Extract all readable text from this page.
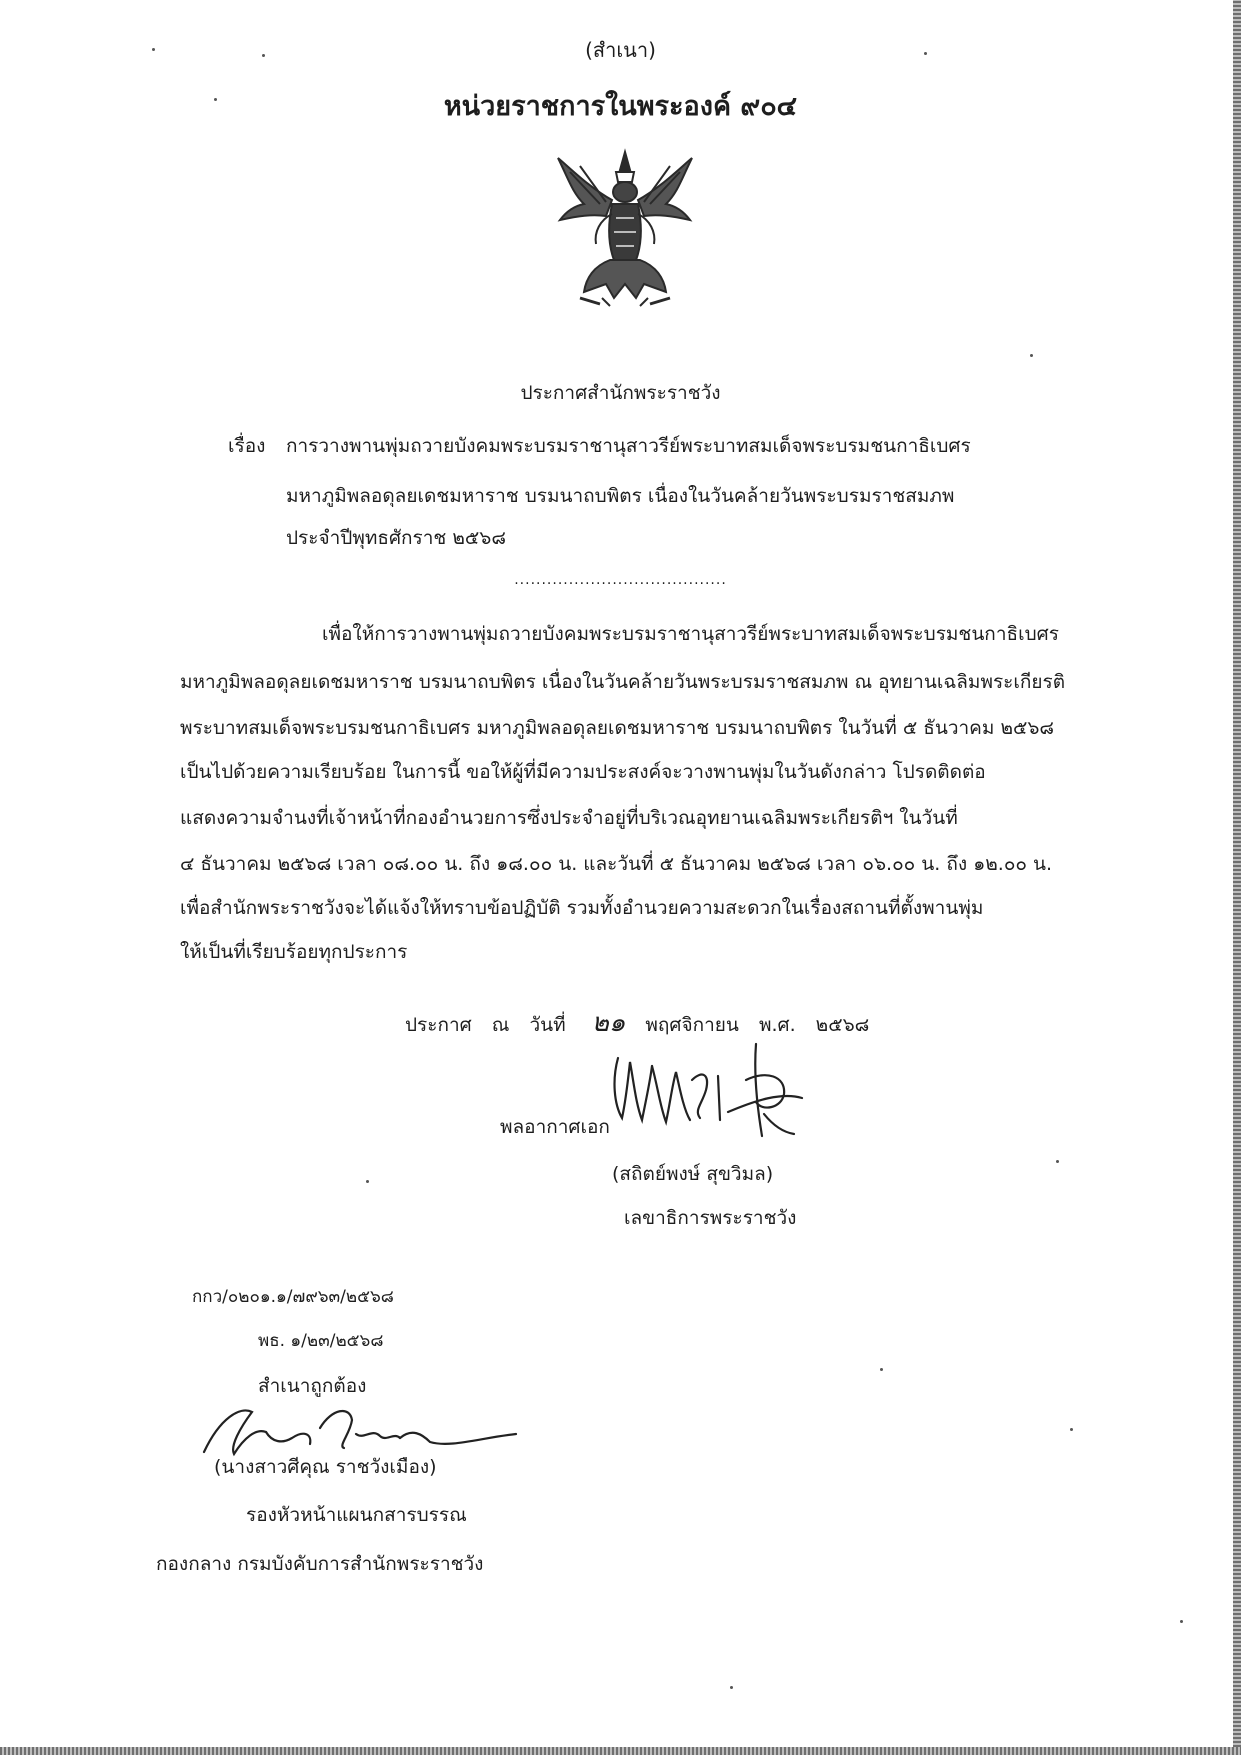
(สำเนา)
หน่วยราชการในพระองค์ ๙๐๔
ประกาศสำนักพระราชวัง
เรื่อง การวางพานพุ่มถวายบังคมพระบรมราชานุสาวรีย์พระบาทสมเด็จพระบรมชนกาธิเบศร
มหาภูมิพลอดุลยเดชมหาราช บรมนาถบพิตร เนื่องในวันคล้ายวันพระบรมราชสมภพ
ประจำปีพุทธศักราช ๒๕๖๘
.......................................
เพื่อให้การวางพานพุ่มถวายบังคมพระบรมราชานุสาวรีย์พระบาทสมเด็จพระบรมชนกาธิเบศร
มหาภูมิพลอดุลยเดชมหาราช บรมนาถบพิตร เนื่องในวันคล้ายวันพระบรมราชสมภพ ณ อุทยานเฉลิมพระเกียรติ
พระบาทสมเด็จพระบรมชนกาธิเบศร มหาภูมิพลอดุลยเดชมหาราช บรมนาถบพิตร ในวันที่ ๕ ธันวาคม ๒๕๖๘
เป็นไปด้วยความเรียบร้อย ในการนี้ ขอให้ผู้ที่มีความประสงค์จะวางพานพุ่มในวันดังกล่าว โปรดติดต่อ
แสดงความจำนงที่เจ้าหน้าที่กองอำนวยการซึ่งประจำอยู่ที่บริเวณอุทยานเฉลิมพระเกียรติฯ ในวันที่
๔ ธันวาคม ๒๕๖๘ เวลา ๐๘.๐๐ น. ถึง ๑๘.๐๐ น. และวันที่ ๕ ธันวาคม ๒๕๖๘ เวลา ๐๖.๐๐ น. ถึง ๑๒.๐๐ น.
เพื่อสำนักพระราชวังจะได้แจ้งให้ทราบข้อปฏิบัติ รวมทั้งอำนวยความสะดวกในเรื่องสถานที่ตั้งพานพุ่ม
ให้เป็นที่เรียบร้อยทุกประการ
ประกาศ ณ วันที่ ๒๑ พฤศจิกายน พ.ศ. ๒๕๖๘
พลอากาศเอก
(สถิตย์พงษ์ สุขวิมล)
เลขาธิการพระราชวัง
กกว/๐๒๐๑.๑/๗๙๖๓/๒๕๖๘
พธ. ๑/๒๓/๒๕๖๘
สำเนาถูกต้อง
(นางสาวศีคุณ ราชวังเมือง)
รองหัวหน้าแผนกสารบรรณ
กองกลาง กรมบังคับการสำนักพระราชวัง
